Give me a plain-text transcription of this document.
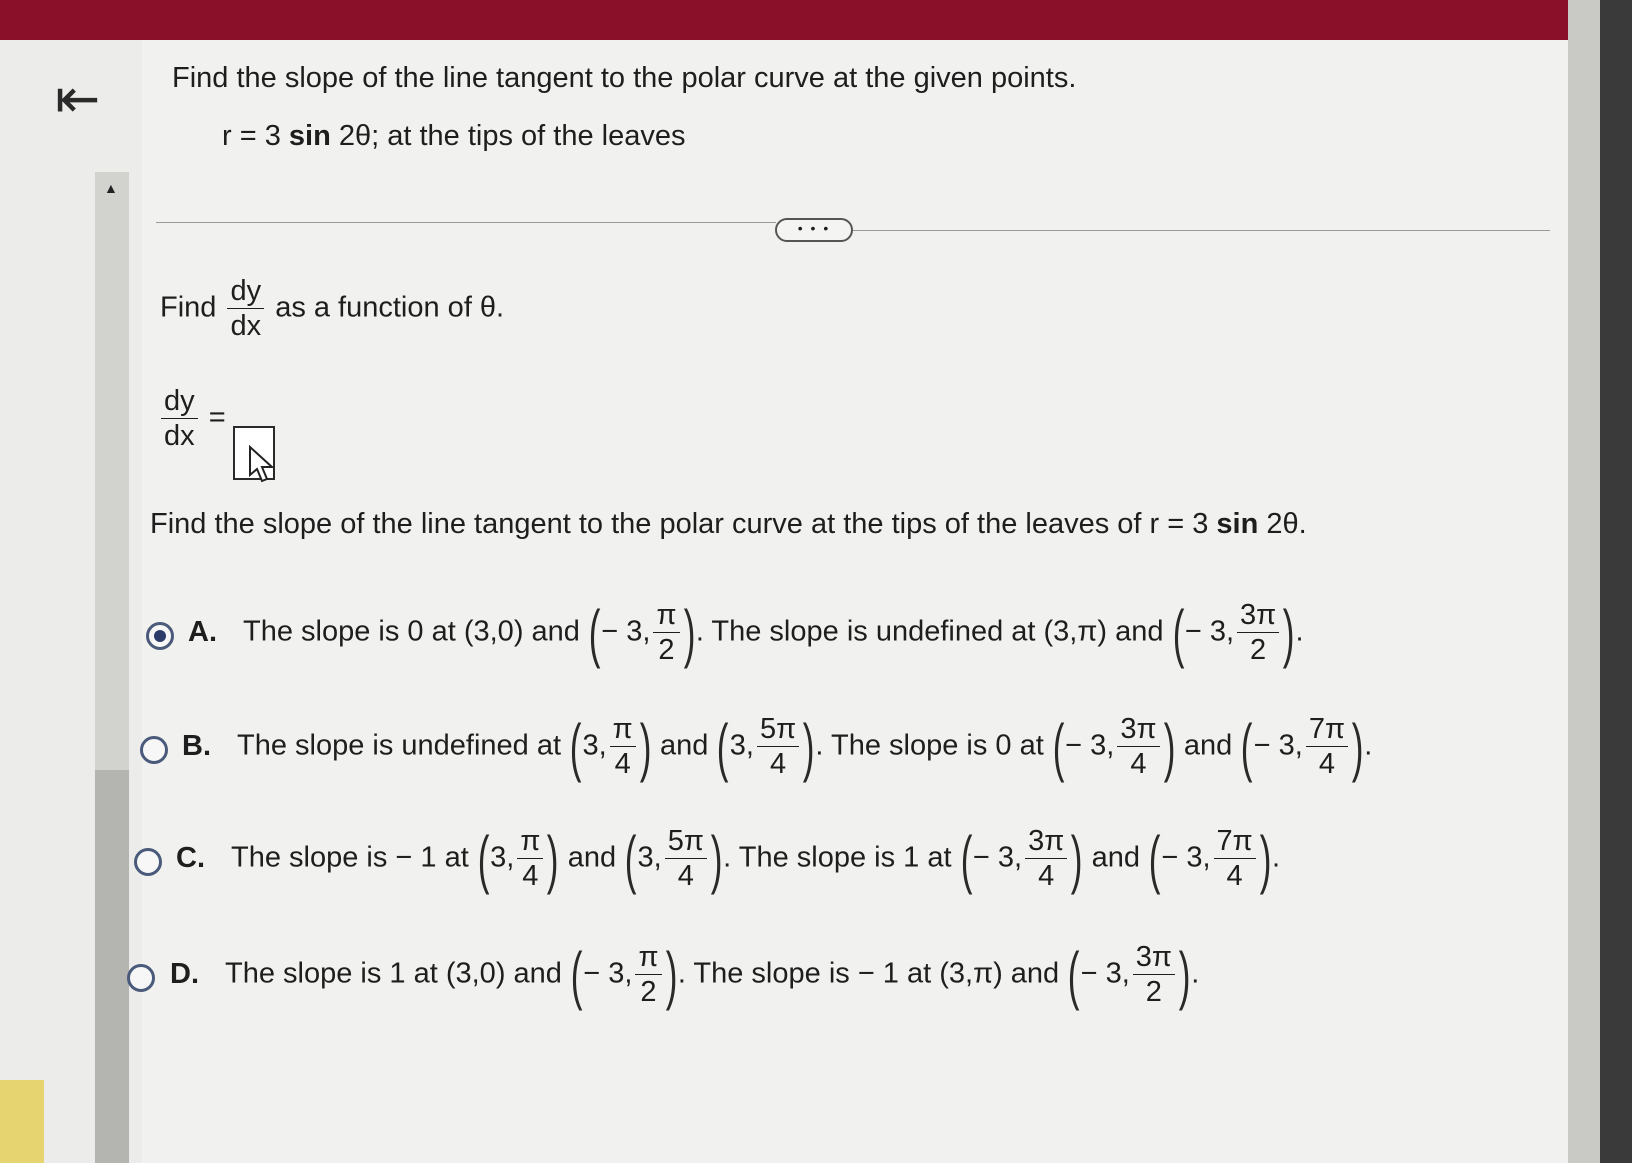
▲
⇤ Find the slope of the line tangent to the polar curve at the given points.
r = 3 sin 2θ; at the tips of the leaves
• • •
Find $\frac{dy}{dx}$ as a function of θ.
$\frac{dy}{dx}$ =
Find the slope of the line tangent to the polar curve at the tips of the leaves of r = 3 sin 2θ.
A. The slope is 0 at (3,0) and (− 3, $\frac{\pi}{2}$ ). The slope is undefined at (3,π) and (− 3, $\frac{3\pi}{2}$ ).
B. The slope is undefined at (3, $\frac{\pi}{4}$ ) and (3, $\frac{5\pi}{4}$ ). The slope is 0 at (− 3, $\frac{3\pi}{4}$ ) and (− 3, $\frac{7\pi}{4}$ ).
C. The slope is − 1 at (3, $\frac{\pi}{4}$ ) and (3, $\frac{5\pi}{4}$ ). The slope is 1 at (− 3, $\frac{3\pi}{4}$ ) and (− 3, $\frac{7\pi}{4}$ ).
D. The slope is 1 at (3,0) and (− 3, $\frac{\pi}{2}$ ). The slope is − 1 at (3,π) and (− 3, $\frac{3\pi}{2}$ ).
